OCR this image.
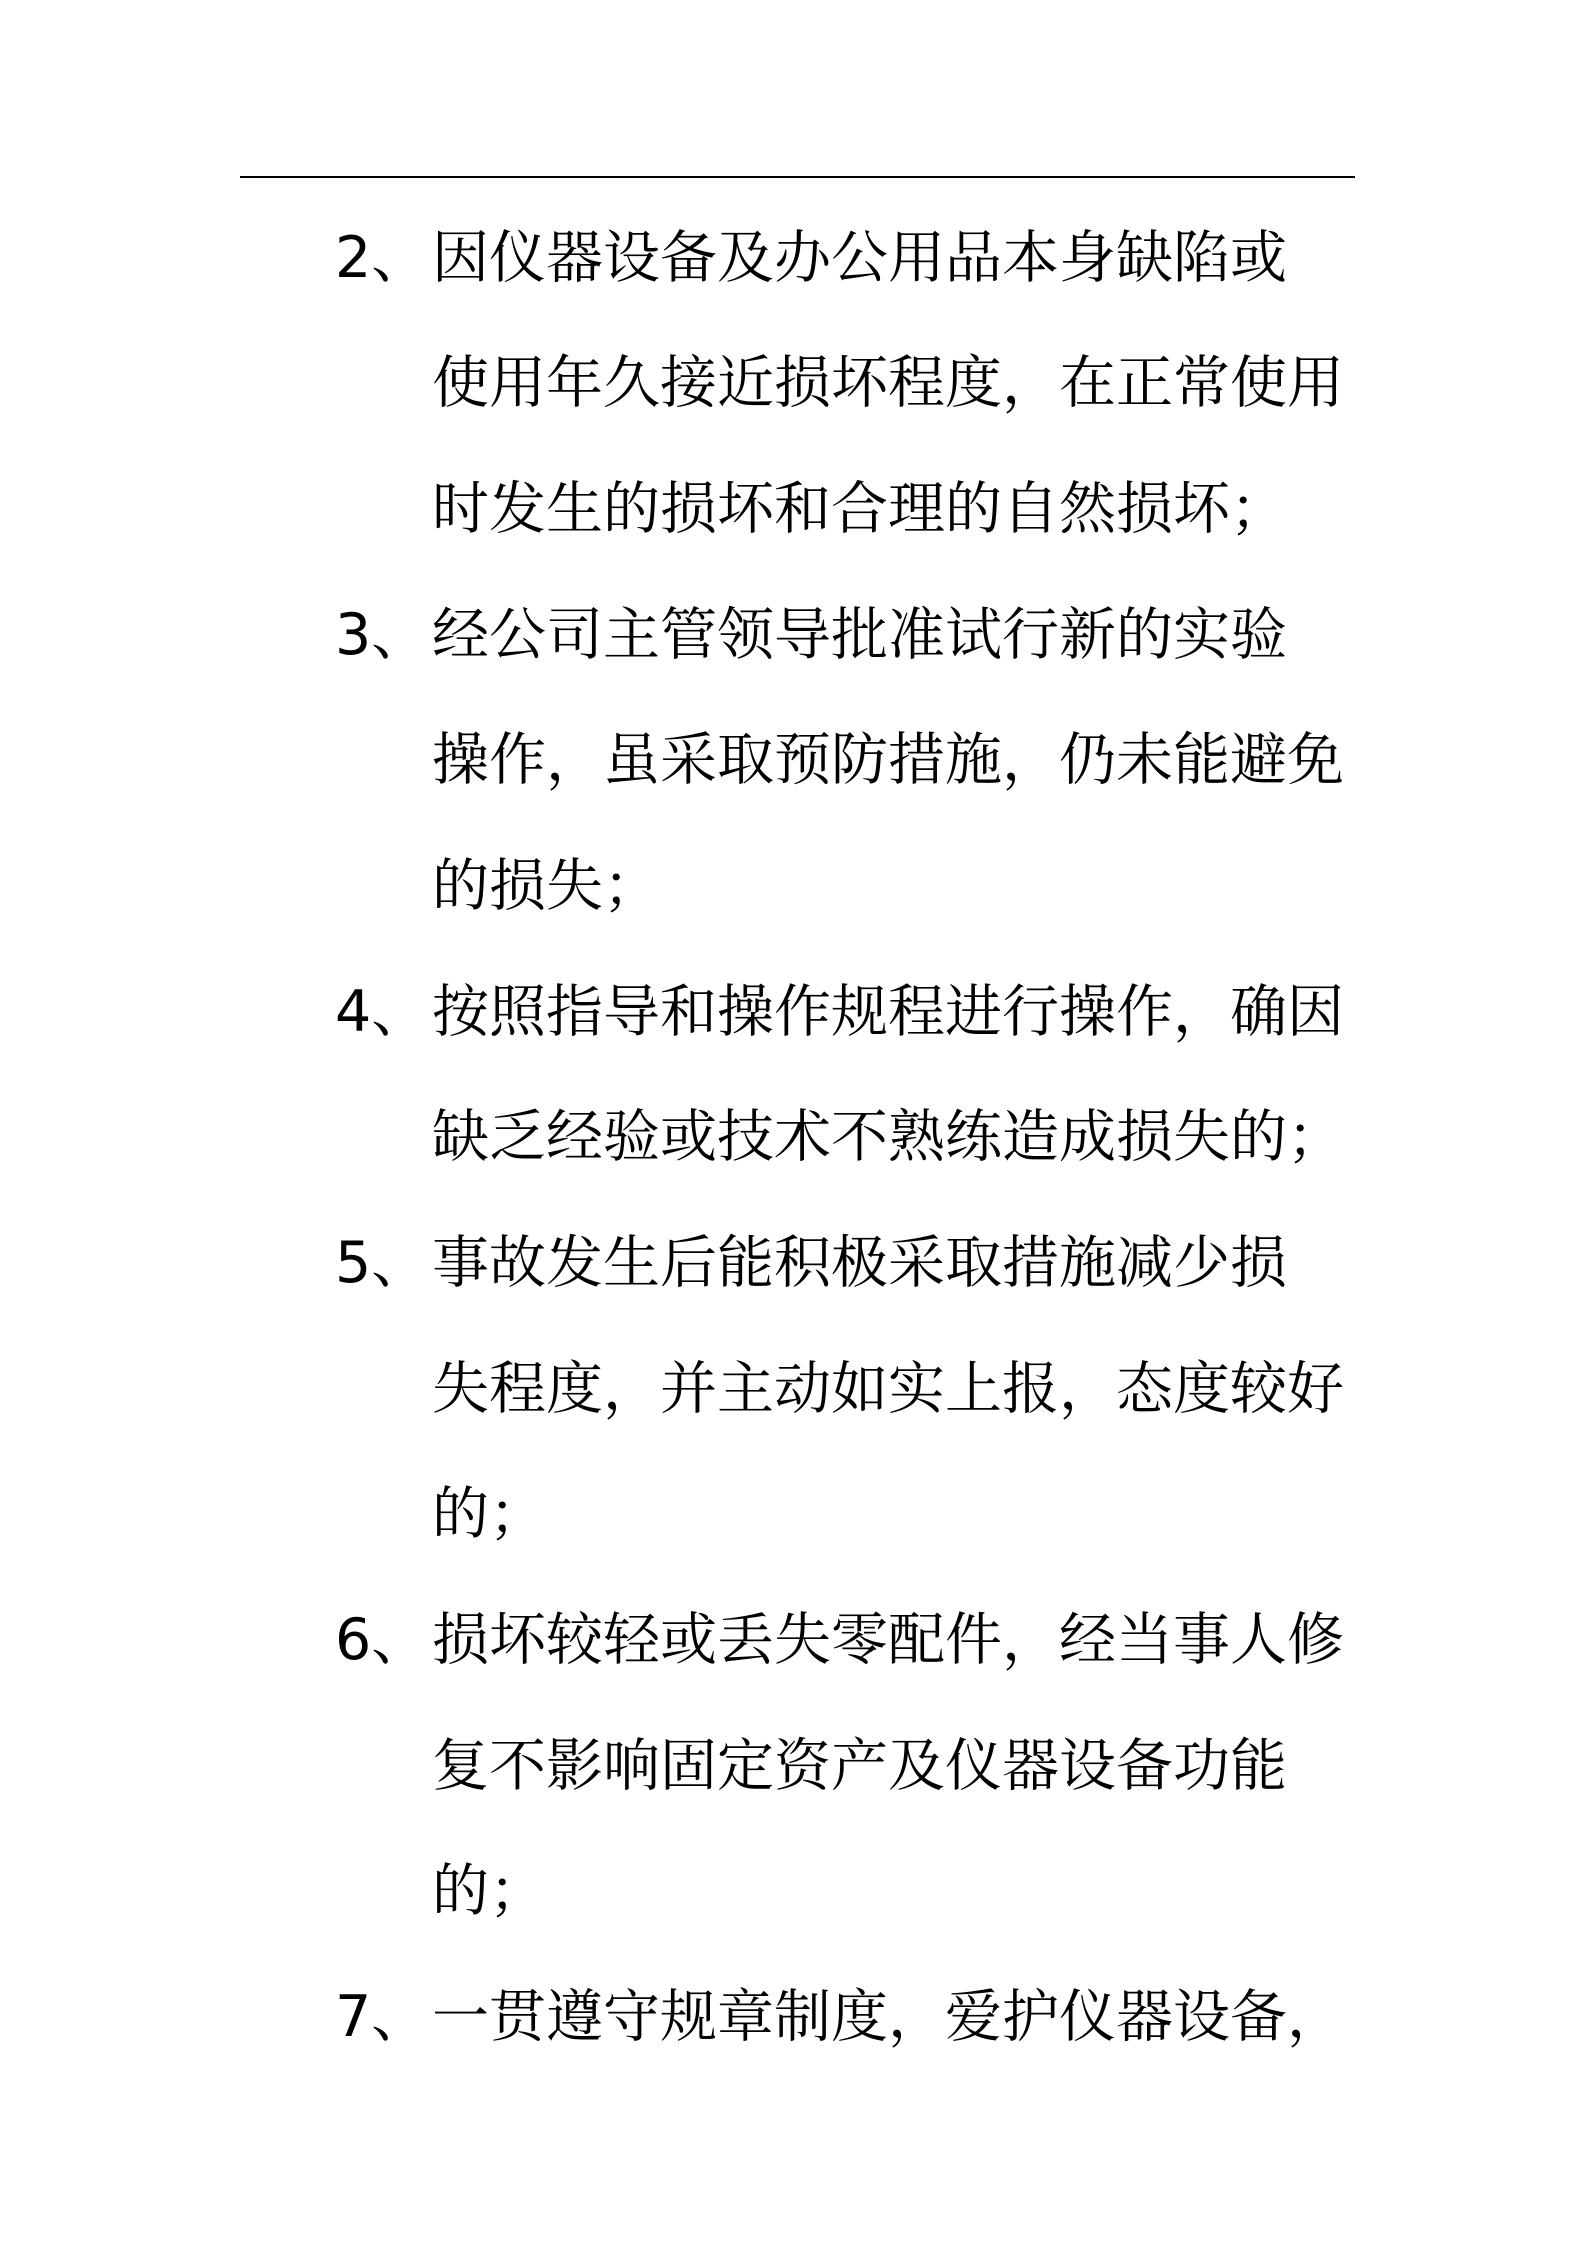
2、 因仪器设备及办公用品本身缺陷或
使用年久接近损坏程度，在正常使用
时发生的损坏和合理的自然损坏；
3、 经公司主管领导批准试行新的实验
操作，虽采取预防措施，仍未能避免
的损失；
4、 按照指导和操作规程进行操作，确因
缺乏经验或技术不熟练造成损失的；
5、 事故发生后能积极采取措施减少损
失程度，并主动如实上报，态度较好
的；
6、 损坏较轻或丢失零配件，经当事人修
复不影响固定资产及仪器设备功能
的；
7、 一贯遵守规章制度，爱护仪器设备，
